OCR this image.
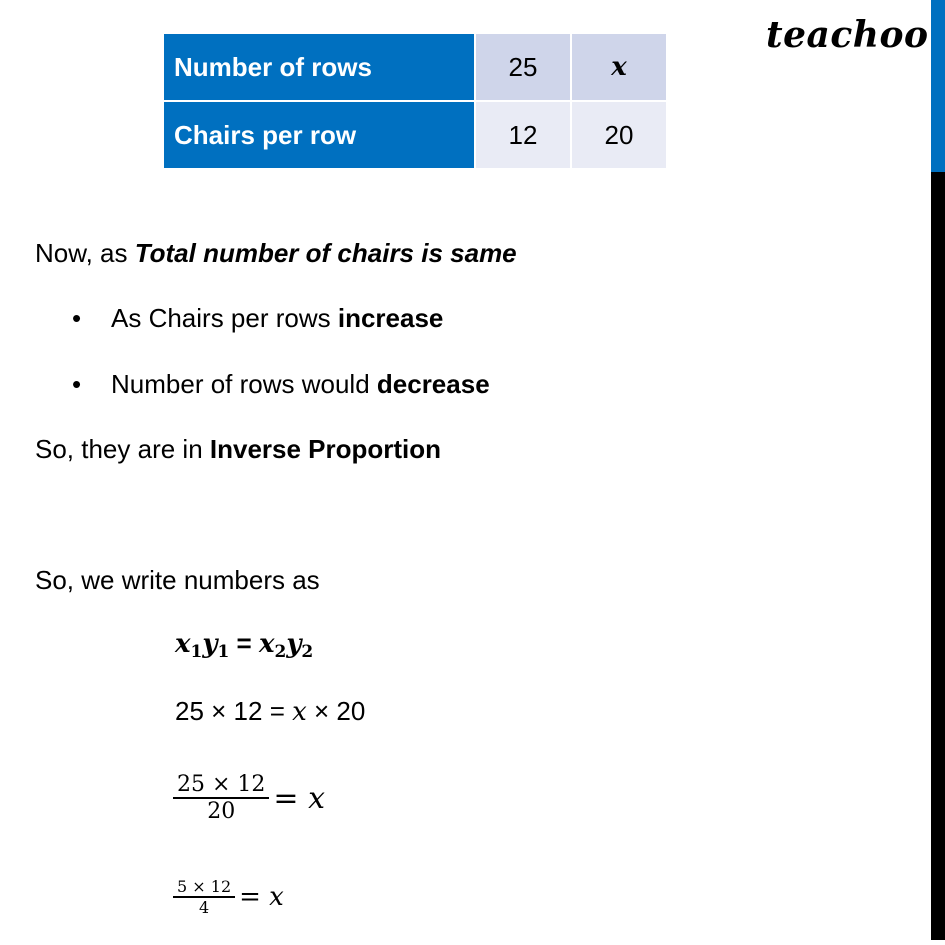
teachoo
Number of rows	25	x
Chairs per row	12	20
Now, as Total number of chairs is same
• As Chairs per rows increase
• Number of rows would decrease
So, they are in Inverse Proportion
So, we write numbers as
$x_1y_1 = x_2y_2$
25 × 12 = x × 20
$\frac{25 \times 12}{20} = x$
$\frac{5 \times 12}{4} = x$
